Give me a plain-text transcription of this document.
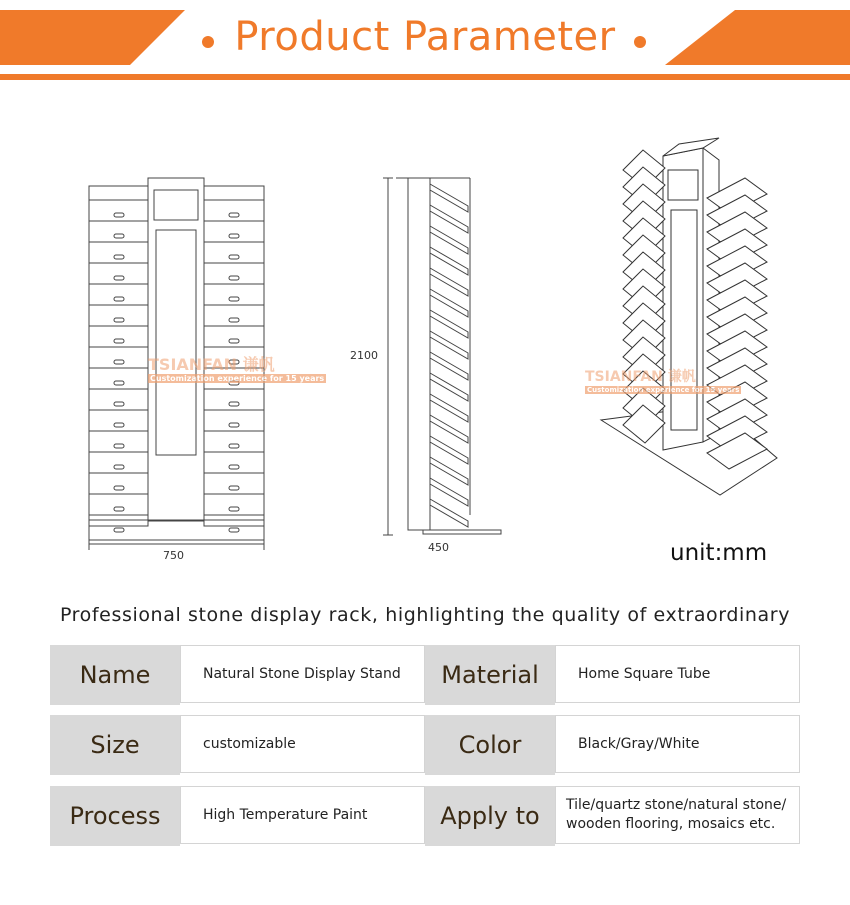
Product Parameter
750
TSIANFAN 谦帆
Customization experience for 15 years
2100
450
TSIANFAN 谦帆
Customization experience for 15 years
unit:mm
Professional stone display rack, highlighting the quality of extraordinary
Name	Natural Stone Display Stand	Material	Home Square Tube
Size	customizable	Color	Black/Gray/White
Process	High Temperature Paint	Apply to	Tile/quartz stone/natural stone/
wooden flooring, mosaics etc.
